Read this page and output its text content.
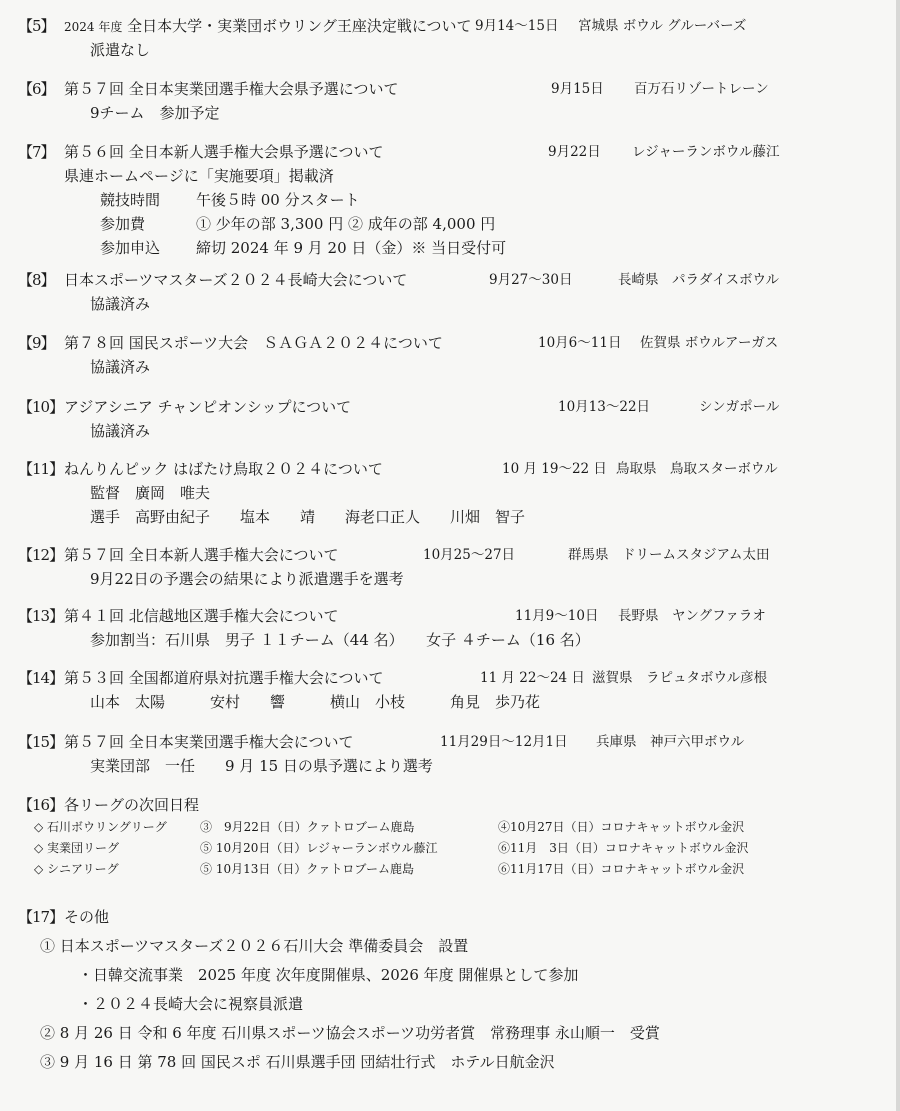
【5】 2024 年度 全日本大学・実業団ボウリング王座決定戦について 9月14～15日 宮城県 ボウル グルーバーズ
派遣なし
【6】 第５７回 全日本実業団選手権大会県予選について	9月15日 百万石リゾートレーン
9チーム　参加予定
【7】 第５６回 全日本新人選手権大会県予選について	9月22日 レジャーランボウル藤江
県連ホームページに「実施要項」掲載済
競技時間 午後５時 00 分スタート
参加費	① 少年の部 3,300 円 ② 成年の部 4,000 円
参加申込 締切 2024 年 9 月 20 日（金）※ 当日受付可
【8】 日本スポーツマスターズ２０２４長崎大会について	9月27～30日	長崎県　パラダイスボウル
協議済み
【9】 第７８回 国民スポーツ大会　ＳＡＧＡ２０２４について	10月6～11日 佐賀県 ボウルアーガス
協議済み
【10】アジアシニア チャンピオンシップについて	10月13～22日	シンガポール
協議済み
【11】ねんりんピック はばたけ鳥取２０２４について	10 月 19～22 日 鳥取県　鳥取スターボウル
監督　廣岡　唯夫
選手　高野由紀子　　塩本　　靖　　海老口正人　　川畑　智子
【12】第５７回 全日本新人選手権大会について	10月25～27日	群馬県　ドリームスタジアム太田
9月22日の予選会の結果により派遣選手を選考
【13】第４１回 北信越地区選手権大会について	11月9～10日 長野県　ヤングファラオ
参加割当：石川県　男子 １１チーム（44 名）　　女子 ４チーム（16 名）
【14】第５３回 全国都道府県対抗選手権大会について	11 月 22～24 日 滋賀県　ラピュタボウル彦根
山本　太陽　　　安村　　響　　　横山　小枝　　　角見　歩乃花
【15】第５７回 全日本実業団選手権大会について	11月29日～12月1日 兵庫県　神戸六甲ボウル
実業団部　一任　　9 月 15 日の県予選により選考
【16】各リーグの次回日程
◇ 石川ボウリングリーグ	③　9月22日（日）クァトロブーム鹿島	④10月27日（日）コロナキャットボウル金沢
◇ 実業団リーグ	⑤ 10月20日（日）レジャーランボウル藤江	⑥11月　3日（日）コロナキャットボウル金沢
◇ シニアリーグ	⑤ 10月13日（日）クァトロブーム鹿島	⑥11月17日（日）コロナキャットボウル金沢
【17】その他
① 日本スポーツマスターズ２０２６石川大会 準備委員会　設置
・日韓交流事業　2025 年度 次年度開催県、2026 年度 開催県として参加
・２０２４長崎大会に視察員派遣
② 8 月 26 日 令和 6 年度 石川県スポーツ協会スポーツ功労者賞　常務理事 永山順一　受賞
③ 9 月 16 日 第 78 回 国民スポ 石川県選手団 団結壮行式　ホテル日航金沢
